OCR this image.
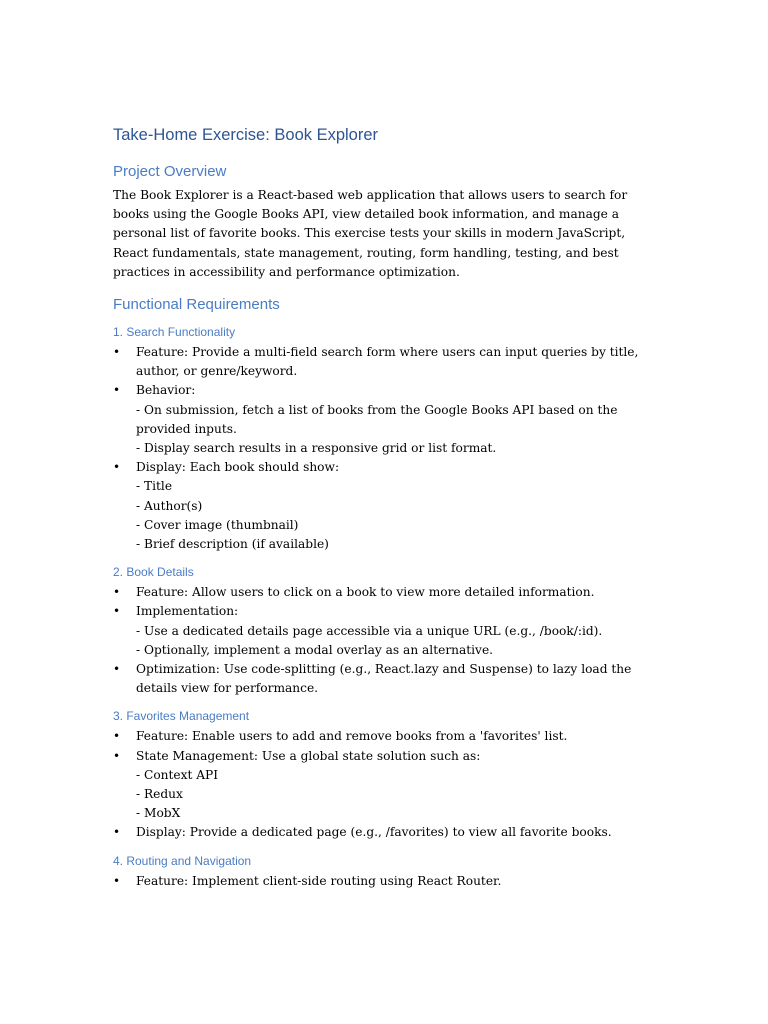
Take-Home Exercise: Book Explorer
Project Overview

The Book Explorer is a React-based web application that allows users to search for books using the Google Books API, view detailed book information, and manage a personal list of favorite books. This exercise tests your skills in modern JavaScript, React fundamentals, state management, routing, form handling, testing, and best practices in accessibility and performance optimization.

Functional Requirements
1. Search Functionality
• Feature: Provide a multi-field search form where users can input queries by title, author, or genre/keyword.
• Behavior:
- On submission, fetch a list of books from the Google Books API based on the provided inputs.
- Display search results in a responsive grid or list format.
• Display: Each book should show:
- Title
- Author(s)
- Cover image (thumbnail)
- Brief description (if available)
2. Book Details
• Feature: Allow users to click on a book to view more detailed information.
• Implementation:
- Use a dedicated details page accessible via a unique URL (e.g., /book/:id).
- Optionally, implement a modal overlay as an alternative.
• Optimization: Use code-splitting (e.g., React.lazy and Suspense) to lazy load the details view for performance.
3. Favorites Management
• Feature: Enable users to add and remove books from a 'favorites' list.
• State Management: Use a global state solution such as:
- Context API
- Redux
- MobX
• Display: Provide a dedicated page (e.g., /favorites) to view all favorite books.
4. Routing and Navigation
• Feature: Implement client-side routing using React Router.
